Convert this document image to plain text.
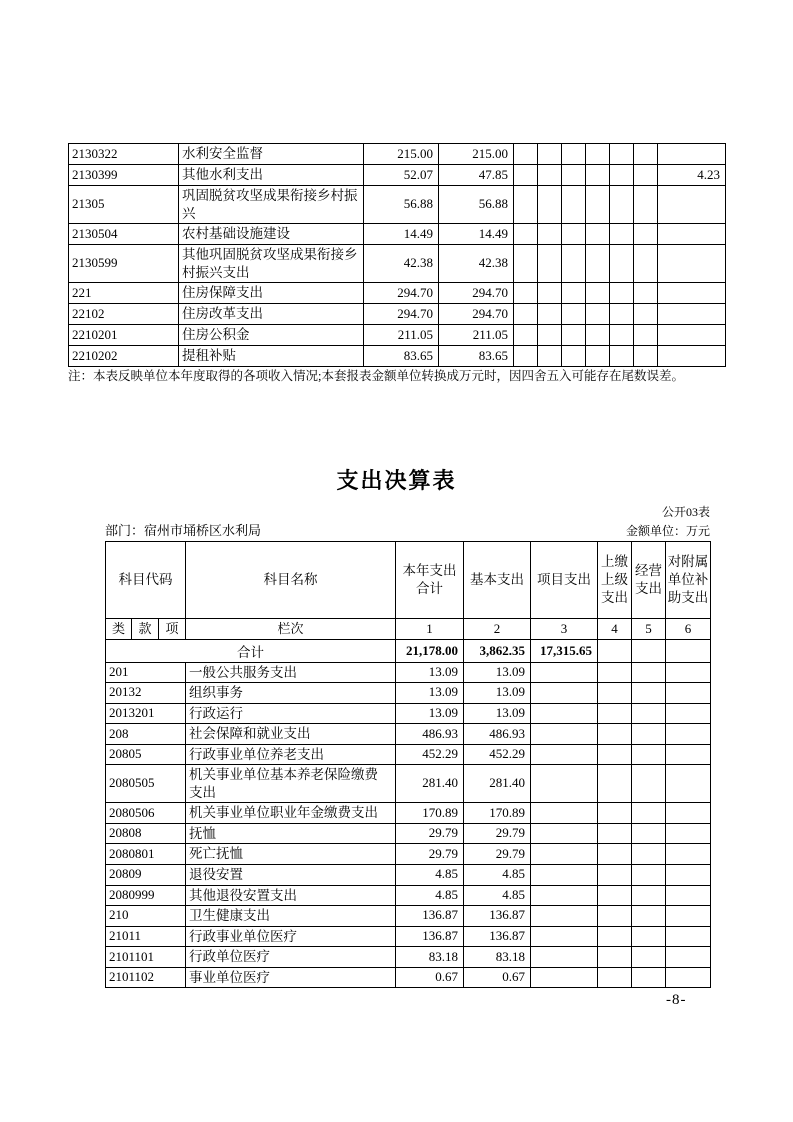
2130322	水利安全监督	215.00	215.00							
2130399	其他水利支出	52.07	47.85							4.23
21305	巩固脱贫攻坚成果衔接乡村振兴	56.88	56.88							
2130504	农村基础设施建设	14.49	14.49							
2130599	其他巩固脱贫攻坚成果衔接乡村振兴支出	42.38	42.38							
221	住房保障支出	294.70	294.70							
22102	住房改革支出	294.70	294.70							
2210201	住房公积金	211.05	211.05							
2210202	提租补贴	83.65	83.65							
注：本表反映单位本年度取得的各项收入情况;本套报表金额单位转换成万元时，因四舍五入可能存在尾数误差。
支出决算表
公开03表
部门：宿州市埇桥区水利局	金额单位：万元
科目代码			科目名称	本年支出合计	基本支出	项目支出	上缴上级支出	经营支出	对附属单位补助支出
类	款	项	栏次	1	2	3	4	5	6
合计				21,178.00	3,862.35	17,315.65			
201			一般公共服务支出	13.09	13.09				
20132			组织事务	13.09	13.09				
2013201			行政运行	13.09	13.09				
208			社会保障和就业支出	486.93	486.93				
20805			行政事业单位养老支出	452.29	452.29				
2080505			机关事业单位基本养老保险缴费支出	281.40	281.40				
2080506			机关事业单位职业年金缴费支出	170.89	170.89				
20808			抚恤	29.79	29.79				
2080801			死亡抚恤	29.79	29.79				
20809			退役安置	4.85	4.85				
2080999			其他退役安置支出	4.85	4.85				
210			卫生健康支出	136.87	136.87				
21011			行政事业单位医疗	136.87	136.87				
2101101			行政单位医疗	83.18	83.18				
2101102			事业单位医疗	0.67	0.67				
-8-
